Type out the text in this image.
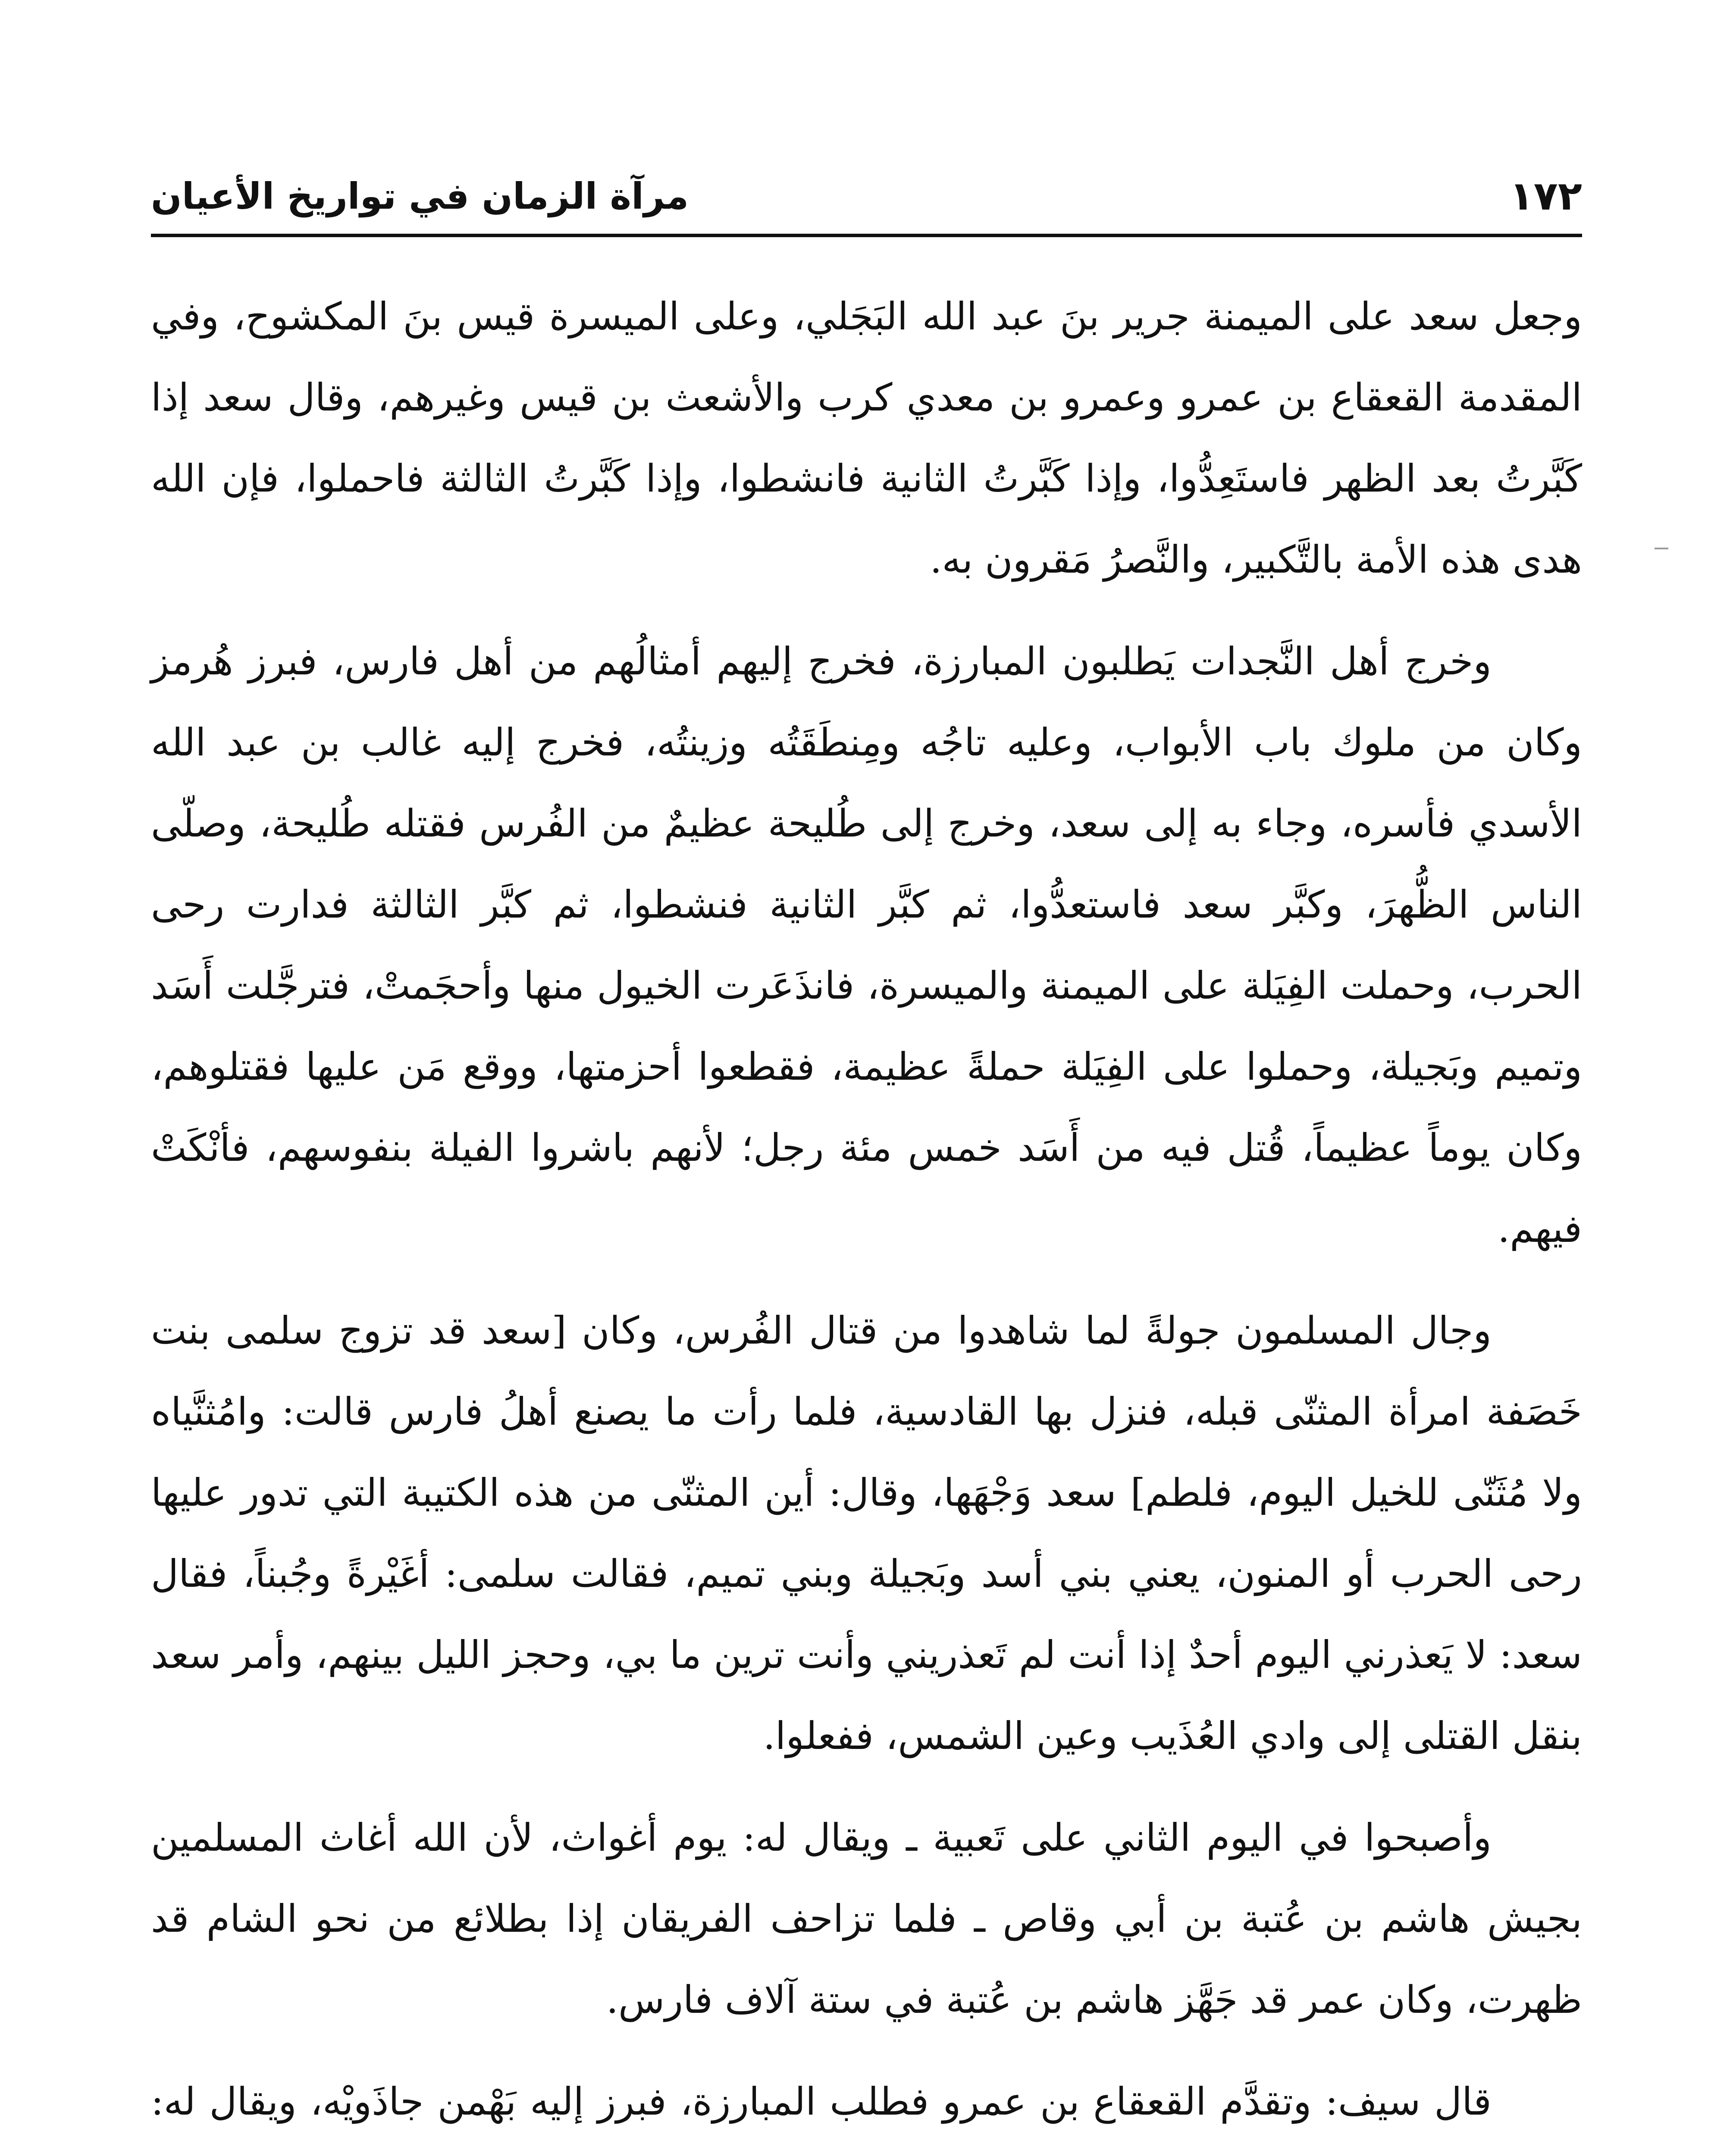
١٧٢
مرآة الزمان في تواريخ الأعيان

وجعل سعد على الميمنة جرير بنَ عبد الله البَجَلي، وعلى الميسرة قيس بنَ المكشوح، وفي المقدمة القعقاع بن عمرو وعمرو بن معدي كرب والأشعث بن قيس وغيرهم، وقال سعد إذا كَبَّرتُ بعد الظهر فاستَعِدُّوا، وإذا كَبَّرتُ الثانية فانشطوا، وإذا كَبَّرتُ الثالثة فاحملوا، فإن الله هدى هذه الأمة بالتَّكبير، والنَّصرُ مَقرون به.

وخرج أهل النَّجدات يَطلبون المبارزة، فخرج إليهم أمثالُهم من أهل فارس، فبرز هُرمز وكان من ملوك باب الأبواب، وعليه تاجُه ومِنطَقَتُه وزينتُه، فخرج إليه غالب بن عبد الله الأسدي فأسره، وجاء به إلى سعد، وخرج إلى طُليحة عظيمٌ من الفُرس فقتله طُليحة، وصلّى الناس الظُّهرَ، وكبَّر سعد فاستعدُّوا، ثم كبَّر الثانية فنشطوا، ثم كبَّر الثالثة فدارت رحى الحرب، وحملت الفِيَلة على الميمنة والميسرة، فانذَعَرت الخيول منها وأحجَمتْ، فترجَّلت أَسَد وتميم وبَجيلة، وحملوا على الفِيَلة حملةً عظيمة، فقطعوا أحزمتها، ووقع مَن عليها فقتلوهم، وكان يوماً عظيماً، قُتل فيه من أَسَد خمس مئة رجل؛ لأنهم باشروا الفيلة بنفوسهم، فأنْكَتْ فيهم.

وجال المسلمون جولةً لما شاهدوا من قتال الفُرس، وكان [سعد قد تزوج سلمى بنت خَصَفة امرأة المثنّى قبله، فنزل بها القادسية، فلما رأت ما يصنع أهلُ فارس قالت: وامُثنَّياه ولا مُثَنّى للخيل اليوم، فلطم] سعد وَجْهَها، وقال: أين المثنّى من هذه الكتيبة التي تدور عليها رحى الحرب أو المنون، يعني بني أسد وبَجيلة وبني تميم، فقالت سلمى: أغَيْرةً وجُبناً، فقال سعد: لا يَعذرني اليوم أحدٌ إذا أنت لم تَعذريني وأنت ترين ما بي، وحجز الليل بينهم، وأمر سعد بنقل القتلى إلى وادي العُذَيب وعين الشمس، ففعلوا.

وأصبحوا في اليوم الثاني على تَعبية ـ ويقال له: يوم أغواث، لأن الله أغاث المسلمين بجيش هاشم بن عُتبة بن أبي وقاص ـ فلما تزاحف الفريقان إذا بطلائع من نحو الشام قد ظهرت، وكان عمر قد جَهَّز هاشم بن عُتبة في ستة آلاف فارس.

قال سيف: وتقدَّم القعقاع بن عمرو فطلب المبارزة، فبرز إليه بَهْمن جاذَويْه، ويقال له:
